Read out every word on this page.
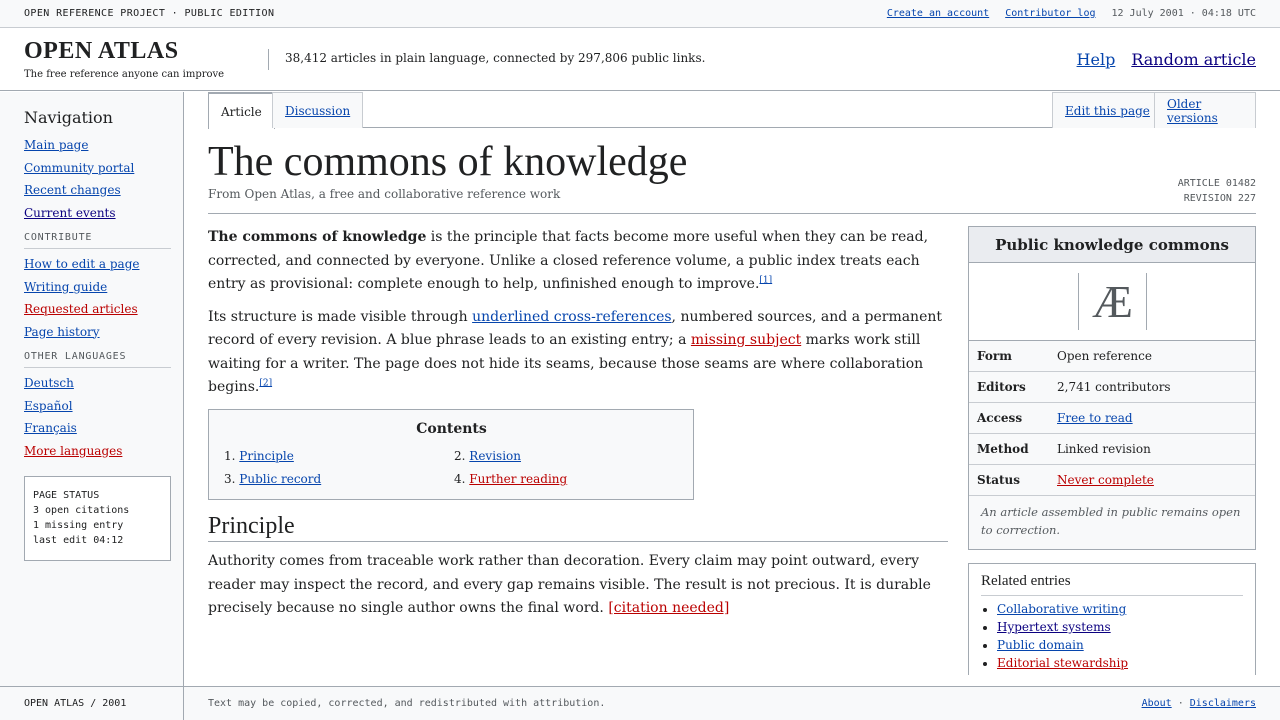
OPEN REFERENCE PROJECT · PUBLIC EDITION	Create an account Contributor log 12 July 2001 · 04:18 UTC
OPEN ATLAS
The free reference anyone can improve
38,412 articles in plain language, connected by 297,806 public links.	Help Random article
Navigation
Main page
Community portal
Recent changes
Current events
CONTRIBUTE
How to edit a page
Writing guide
Requested articles
Page history
OTHER LANGUAGES
Deutsch
Español
Français
More languages
PAGE STATUS
3 open citations
1 missing entry
last edit 04:12
Article	Discussion	Edit this page	Older versions
The commons of knowledge
From Open Atlas, a free and collaborative reference work
ARTICLE 01482
REVISION 227

The commons of knowledge is the principle that facts become more useful when they can be read, corrected, and connected by everyone. Unlike a closed reference volume, a public index treats each entry as provisional: complete enough to help, unfinished enough to improve.[1]

Its structure is made visible through underlined cross-references, numbered sources, and a permanent record of every revision. A blue phrase leads to an existing entry; a missing subject marks work still waiting for a writer. The page does not hide its seams, because those seams are where collaboration begins.[2]

Contents
1. Principle	2. Revision
3. Public record	4. Further reading
Principle

Authority comes from traceable work rather than decoration. Every claim may point outward, every reader may inspect the record, and every gap remains visible. The result is not precious. It is durable precisely because no single author owns the final word. [citation needed]

Public knowledge commons
Æ
Form	Open reference
Editors	2,741 contributors
Access	Free to read
Method	Linked revision
Status	Never complete
An article assembled in public remains open to correction.
Related entries
• Collaborative writing
• Hypertext systems
• Public domain
• Editorial stewardship
OPEN ATLAS / 2001	Text may be copied, corrected, and redistributed with attribution.	About · Disclaimers
